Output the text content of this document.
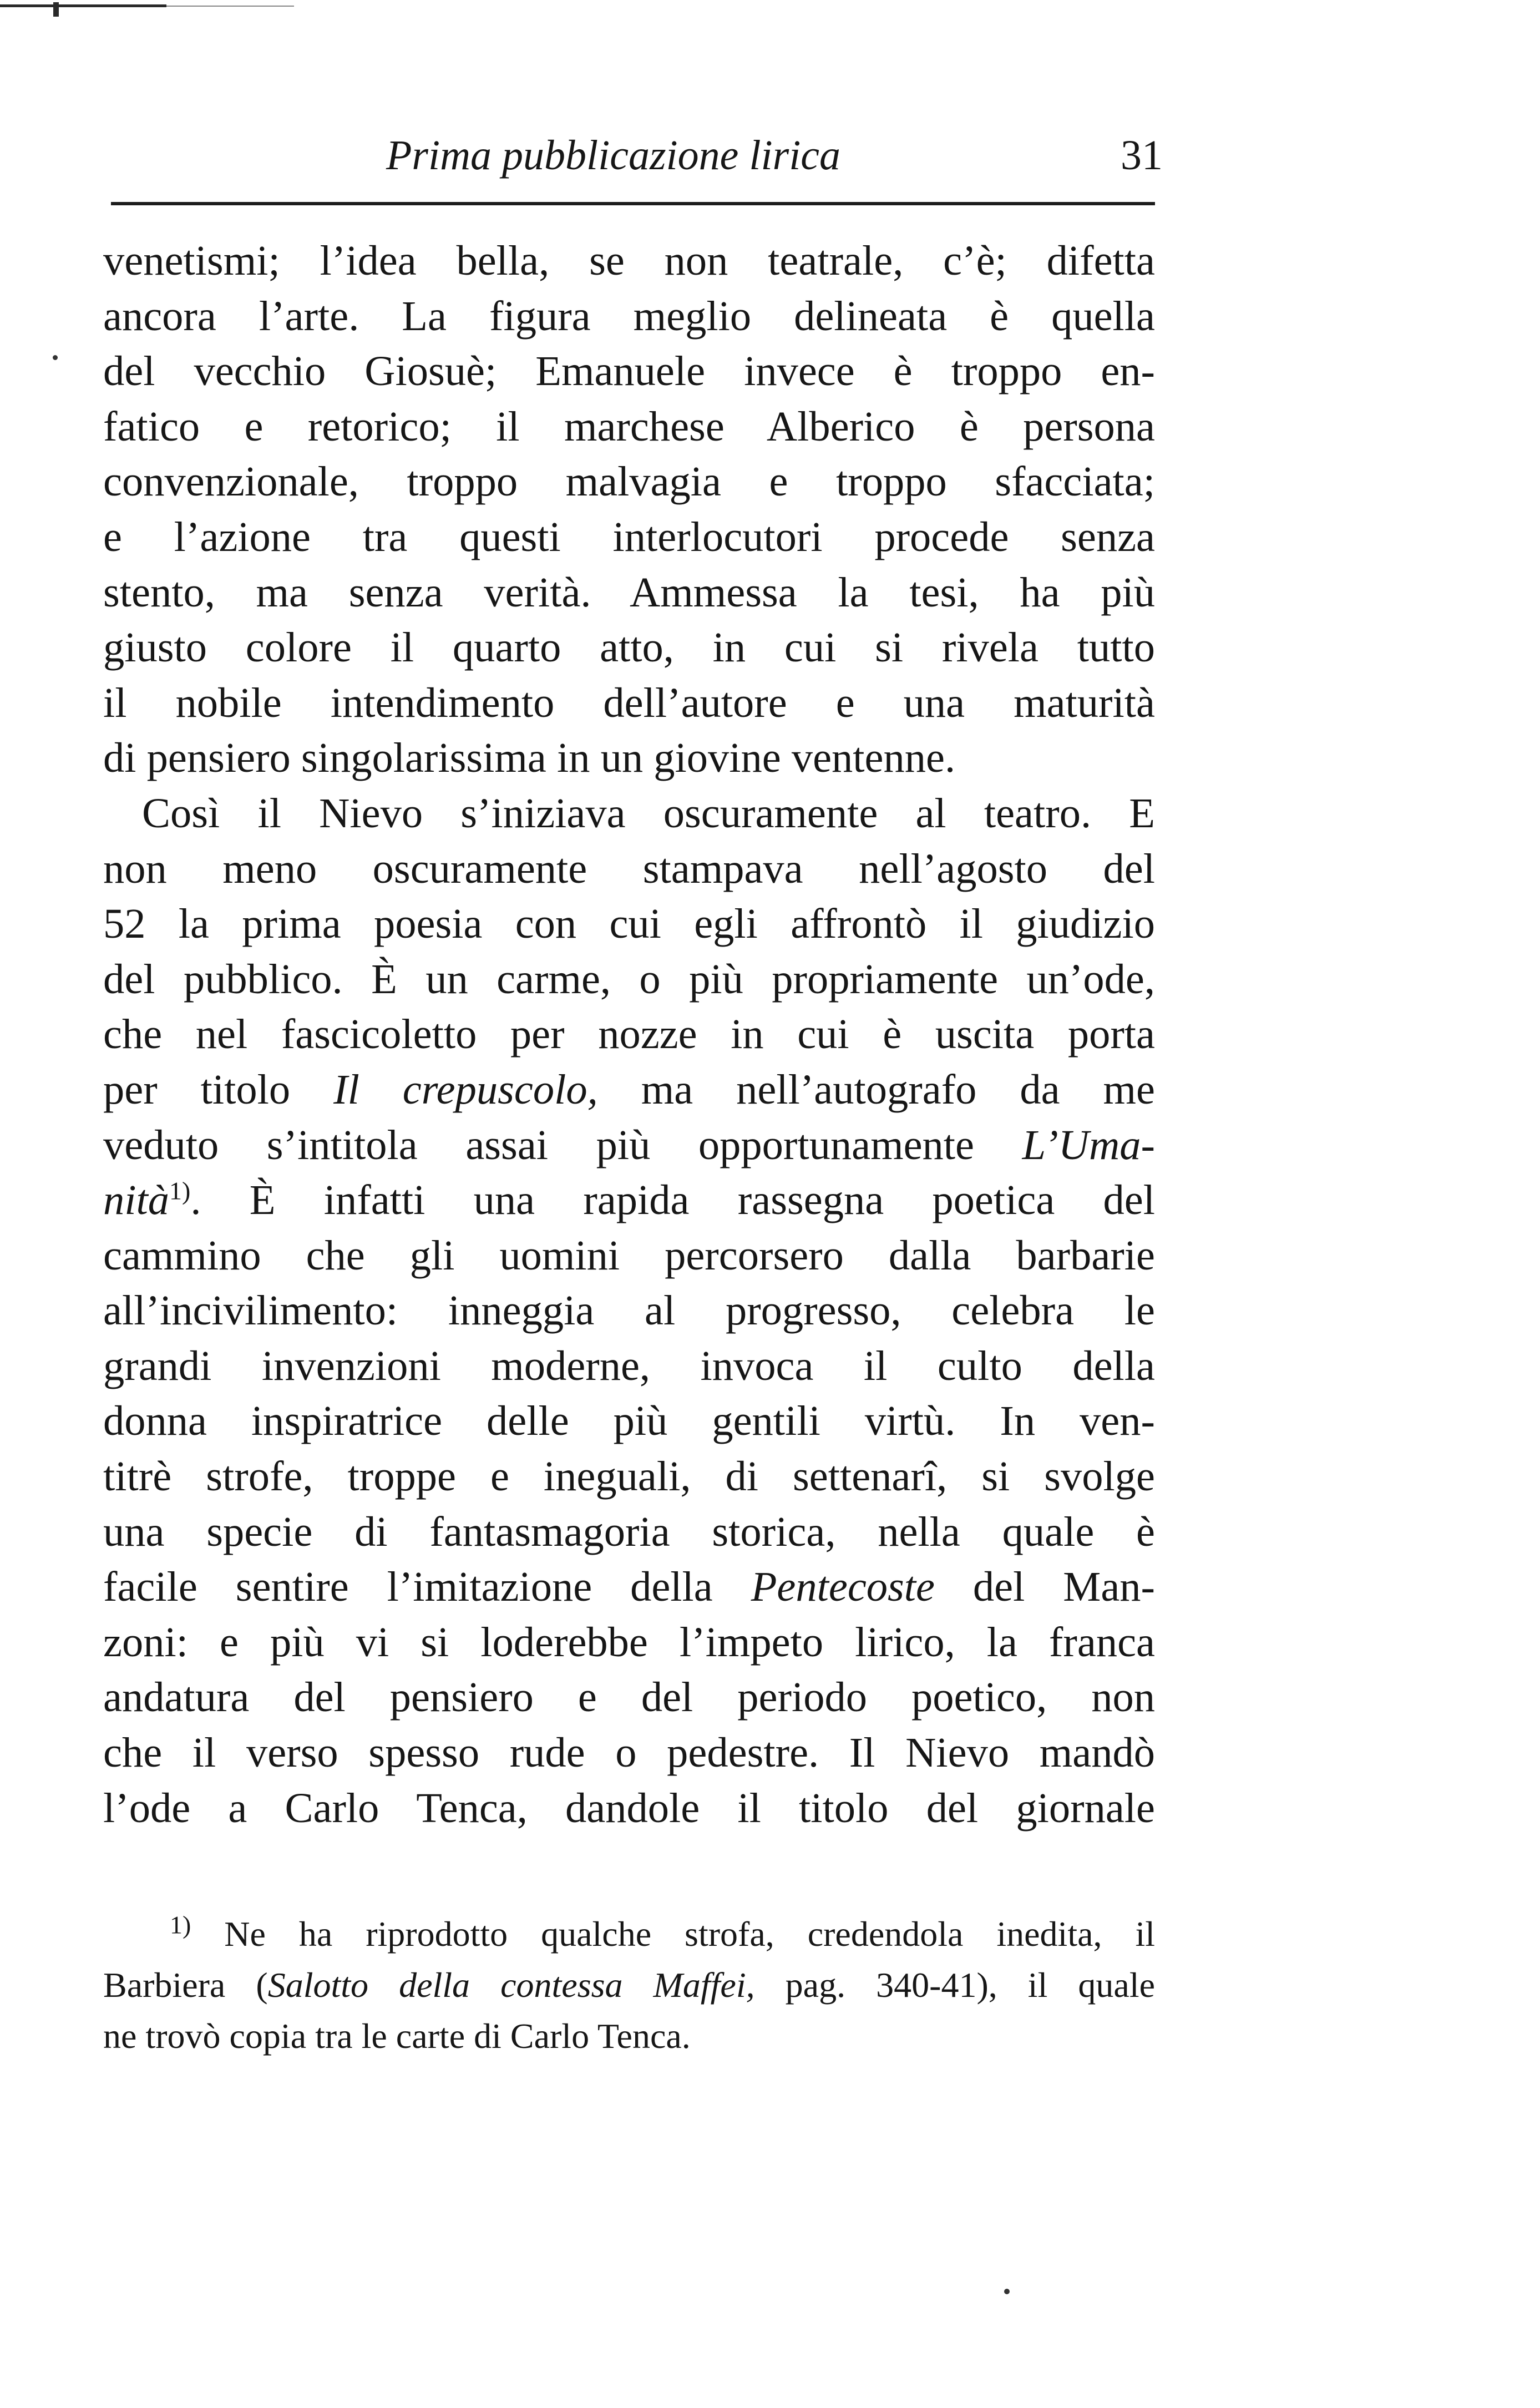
Prima pubblicazione lirica	31
venetismi; l’idea bella, se non teatrale, c’è; difetta
ancora l’arte. La figura meglio delineata è quella
del vecchio Giosuè; Emanuele invece è troppo en-
fatico e retorico; il marchese Alberico è persona
convenzionale, troppo malvagia e troppo sfacciata;
e l’azione tra questi interlocutori procede senza
stento, ma senza verità. Ammessa la tesi, ha più
giusto colore il quarto atto, in cui si rivela tutto
il nobile intendimento dell’autore e una maturità
di pensiero singolarissima in un giovine ventenne.
Così il Nievo s’iniziava oscuramente al teatro. E
non meno oscuramente stampava nell’agosto del
52 la prima poesia con cui egli affrontò il giudizio
del pubblico. È un carme, o più propriamente un’ode,
che nel fascicoletto per nozze in cui è uscita porta
per titolo Il crepuscolo, ma nell’autografo da me
veduto s’intitola assai più opportunamente L’Uma-
nità$^{1)}$. È infatti una rapida rassegna poetica del
cammino che gli uomini percorsero dalla barbarie
all’incivilimento: inneggia al progresso, celebra le
grandi invenzioni moderne, invoca il culto della
donna inspiratrice delle più gentili virtù. In ven-
titrè strofe, troppe e ineguali, di settenarî, si svolge
una specie di fantasmagoria storica, nella quale è
facile sentire l’imitazione della Pentecoste del Man-
zoni: e più vi si loderebbe l’impeto lirico, la franca
andatura del pensiero e del periodo poetico, non
che il verso spesso rude o pedestre. Il Nievo mandò
l’ode a Carlo Tenca, dandole il titolo del giornale
$^{1)}$ Ne ha riprodotto qualche strofa, credendola inedita, il
Barbiera (Salotto della contessa Maffei, pag. 340-41), il quale
ne trovò copia tra le carte di Carlo Tenca.
